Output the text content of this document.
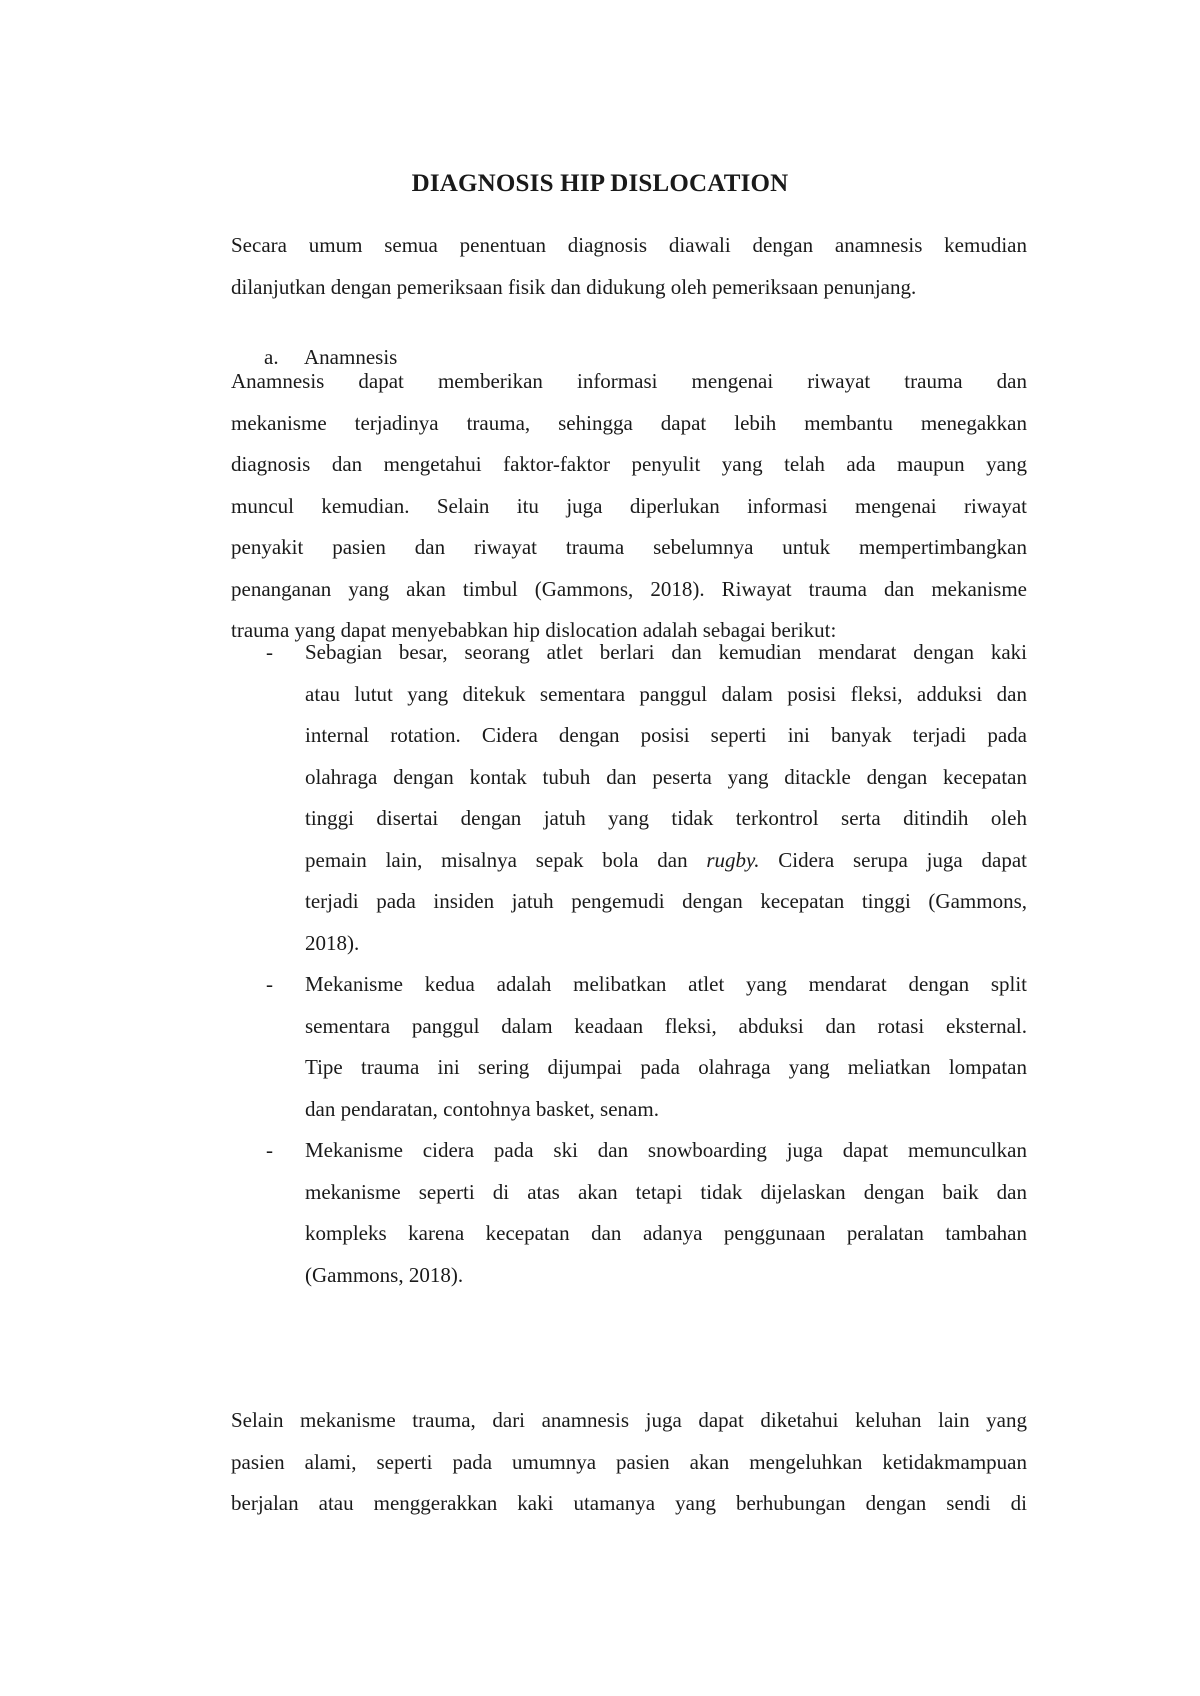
DIAGNOSIS HIP DISLOCATION

Secara umum semua penentuan diagnosis diawali dengan anamnesis kemudian
dilanjutkan dengan pemeriksaan fisik dan didukung oleh pemeriksaan penunjang.

a. Anamnesis

Anamnesis dapat memberikan informasi mengenai riwayat trauma dan
mekanisme terjadinya trauma, sehingga dapat lebih membantu menegakkan
diagnosis dan mengetahui faktor-faktor penyulit yang telah ada maupun yang
muncul kemudian. Selain itu juga diperlukan informasi mengenai riwayat
penyakit pasien dan riwayat trauma sebelumnya untuk mempertimbangkan
penanganan yang akan timbul (Gammons, 2018). Riwayat trauma dan mekanisme
trauma yang dapat menyebabkan hip dislocation adalah sebagai berikut:

- Sebagian besar, seorang atlet berlari dan kemudian mendarat dengan kaki
atau lutut yang ditekuk sementara panggul dalam posisi fleksi, adduksi dan
internal rotation. Cidera dengan posisi seperti ini banyak terjadi pada
olahraga dengan kontak tubuh dan peserta yang ditackle dengan kecepatan
tinggi disertai dengan jatuh yang tidak terkontrol serta ditindih oleh
pemain lain, misalnya sepak bola dan rugby. Cidera serupa juga dapat
terjadi pada insiden jatuh pengemudi dengan kecepatan tinggi (Gammons,
2018).
- Mekanisme kedua adalah melibatkan atlet yang mendarat dengan split
sementara panggul dalam keadaan fleksi, abduksi dan rotasi eksternal.
Tipe trauma ini sering dijumpai pada olahraga yang meliatkan lompatan
dan pendaratan, contohnya basket, senam.
- Mekanisme cidera pada ski dan snowboarding juga dapat memunculkan
mekanisme seperti di atas akan tetapi tidak dijelaskan dengan baik dan
kompleks karena kecepatan dan adanya penggunaan peralatan tambahan
(Gammons, 2018).

Selain mekanisme trauma, dari anamnesis juga dapat diketahui keluhan lain yang
pasien alami, seperti pada umumnya pasien akan mengeluhkan ketidakmampuan
berjalan atau menggerakkan kaki utamanya yang berhubungan dengan sendi di
